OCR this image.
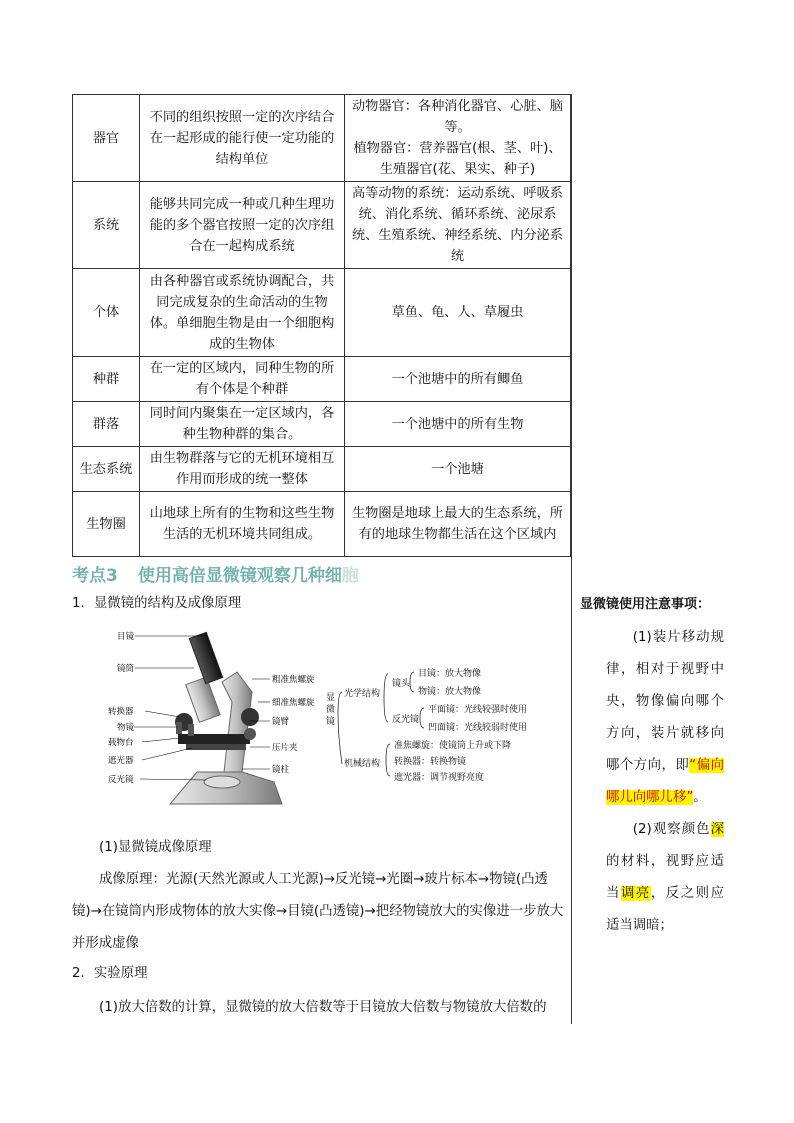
器官	不同的组织按照一定的次序结合在一起形成的能行使一定功能的结构单位	动物器官：各种消化器官、心脏、脑等。
植物器官：营养器官(根、茎、叶)、生殖器官(花、果实、种子)

系统	能够共同完成一种或几种生理功能的多个器官按照一定的次序组合在一起构成系统	高等动物的系统：运动系统、呼吸系统、消化系统、循环系统、泌尿系统、生殖系统、神经系统、内分泌系统
个体	由各种器官或系统协调配合，共同完成复杂的生命活动的生物体。单细胞生物是由一个细胞构成的生物体	草鱼、龟、人、草履虫
种群	在一定的区域内，同种生物的所有个体是个种群	一个池塘中的所有鲫鱼
群落	同时间内聚集在一定区域内，各种生物种群的集合。	一个池塘中的所有生物
生态系统	由生物群落与它的无机环境相互作用而形成的统一整体	一个池塘
生物圈	山地球上所有的生物和这些生物生活的无机环境共同组成。	生物圈是地球上最大的生态系统，所有的地球生物都生活在这个区域内
考点3 使用高倍显微镜观察几种细胞
1．显微镜的结构及成像原理
目镜
镜筒
转换器
物镜
载物台
遮光器
反光镜
粗准焦螺旋
细准焦螺旋
镜臂
压片夹
镜柱
显
微
镜
光学结构
镜头
目镜：放大物像
物镜：放大物像
反光镜
平面镜：光线较强时使用
凹面镜：光线较弱时使用
机械结构
准焦螺旋：使镜筒上升或下降
转换器：转换物镜
遮光器：调节视野亮度
(1)显微镜成像原理
成像原理：光源(天然光源或人工光源)→反光镜→光圈→玻片标本→物镜(凸透镜)→在镜筒内形成物体的放大实像→目镜(凸透镜)→把经物镜放大的实像进一步放大并形成虚像
2．实验原理
(1)放大倍数的计算，显微镜的放大倍数等于目镜放大倍数与物镜放大倍数的
显微镜使用注意事项：
(1)装片移动规律，相对于视野中央，物像偏向哪个方向，装片就移向哪个方向，即“偏向哪儿向哪儿移”。
(2)观察颜色深的材料，视野应适当调亮，反之则应适当调暗；
